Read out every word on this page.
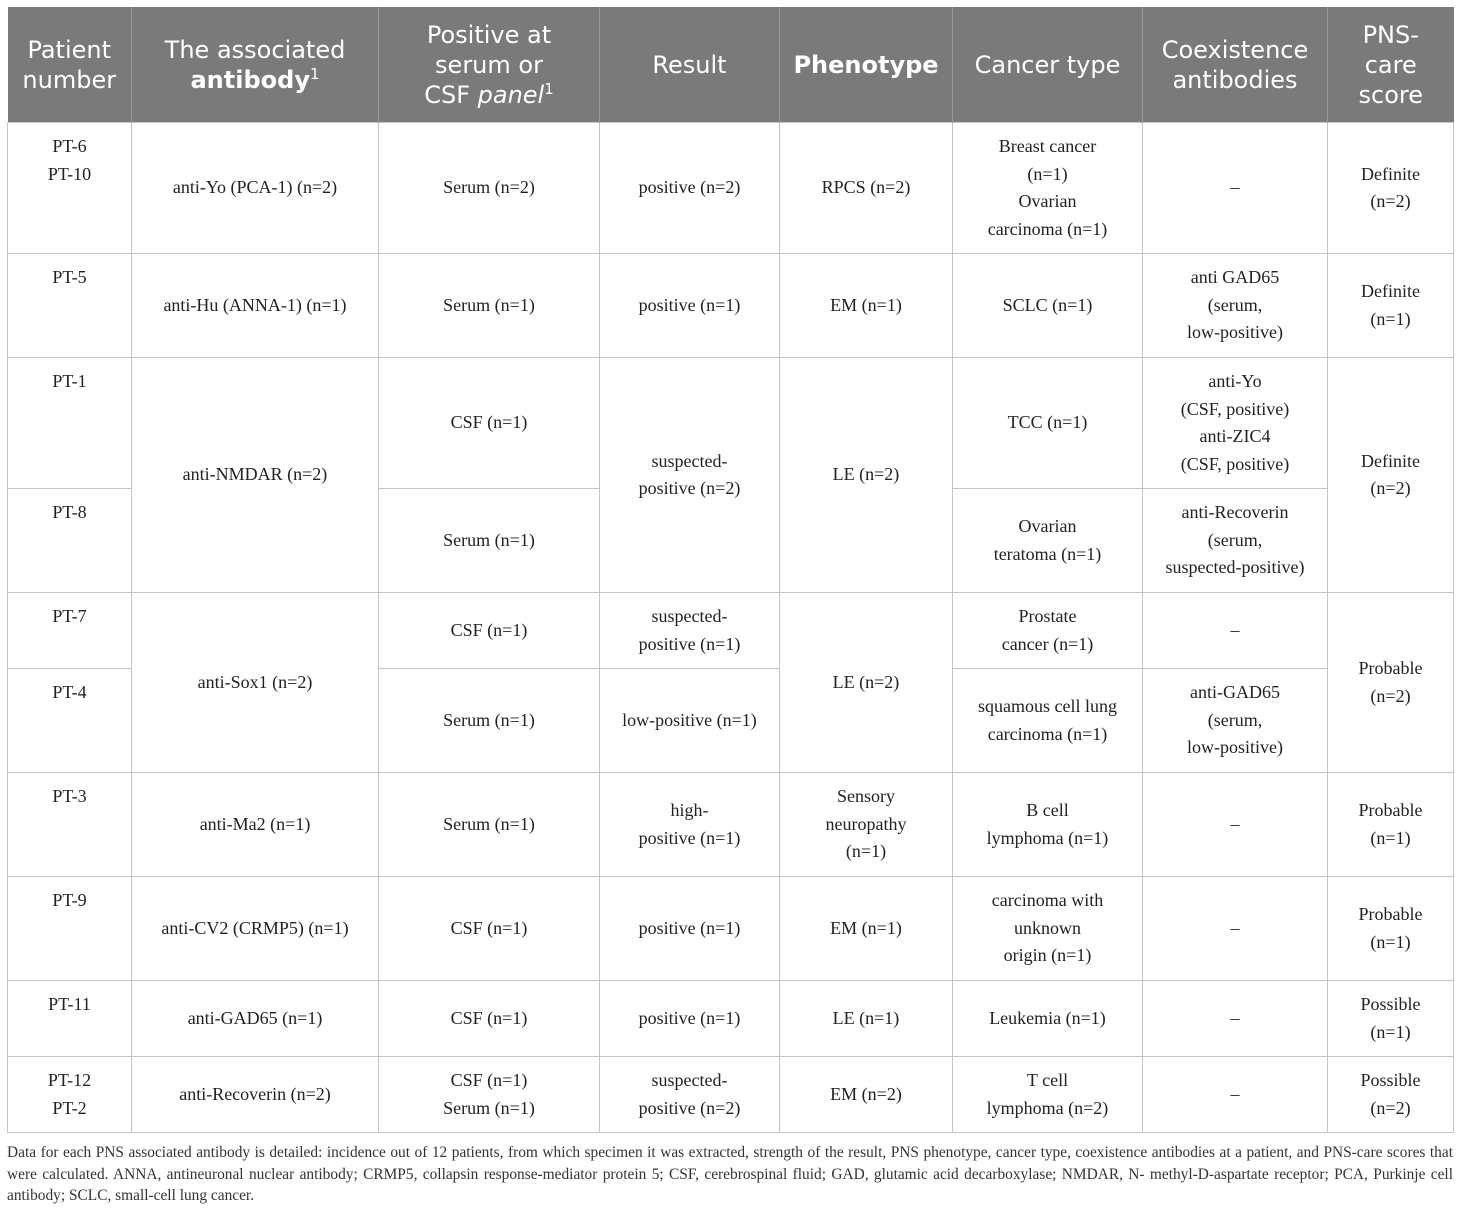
Patient
number	The associated
antibody$^1$	Positive at
serum or
CSF panel$^1$	Result	Phenotype	Cancer type	Coexistence
antibodies	PNS-
care
score

PT-6
PT-10	anti-Yo (PCA-1) (n=2)	Serum (n=2)	positive (n=2)	RPCS (n=2)	Breast cancer
(n=1)
Ovarian
carcinoma (n=1)	–	Definite
(n=2)

PT-5	anti-Hu (ANNA-1) (n=1)	Serum (n=1)	positive (n=1)	EM (n=1)	SCLC (n=1)	anti GAD65
(serum,
low-positive)	Definite
(n=1)

PT-1	anti-NMDAR (n=2)	CSF (n=1)	suspected-
positive (n=2)	LE (n=2)	TCC (n=1)	anti-Yo
(CSF, positive)
anti-ZIC4
(CSF, positive)	Definite
(n=2)

PT-8		Serum (n=1)			Ovarian
teratoma (n=1)	anti-Recoverin
(serum,
suspected-positive)	

PT-7	anti-Sox1 (n=2)	CSF (n=1)	suspected-
positive (n=1)	LE (n=2)	Prostate
cancer (n=1)	–	Probable
(n=2)

PT-4		Serum (n=1)	low-positive (n=1)		squamous cell lung
carcinoma (n=1)	anti-GAD65
(serum,
low-positive)	

PT-3	anti-Ma2 (n=1)	Serum (n=1)	high-
positive (n=1)	Sensory
neuropathy
(n=1)	B cell
lymphoma (n=1)	–	Probable
(n=1)

PT-9	anti-CV2 (CRMP5) (n=1)	CSF (n=1)	positive (n=1)	EM (n=1)	carcinoma with
unknown
origin (n=1)	–	Probable
(n=1)

PT-11	anti-GAD65 (n=1)	CSF (n=1)	positive (n=1)	LE (n=1)	Leukemia (n=1)	–	Possible
(n=1)

PT-12
PT-2	anti-Recoverin (n=2)	CSF (n=1)
Serum (n=1)	suspected-
positive (n=2)	EM (n=2)	T cell
lymphoma (n=2)	–	Possible
(n=2)
Data for each PNS associated antibody is detailed: incidence out of 12 patients, from which specimen it was extracted, strength of the result, PNS phenotype, cancer type, coexistence antibodies at a patient, and PNS-care scores that were calculated. ANNA, antineuronal nuclear antibody; CRMP5, collapsin response-mediator protein 5; CSF, cerebrospinal fluid; GAD, glutamic acid decarboxylase; NMDAR, N- methyl-D-aspartate receptor; PCA, Purkinje cell antibody; SCLC, small-cell lung cancer.
